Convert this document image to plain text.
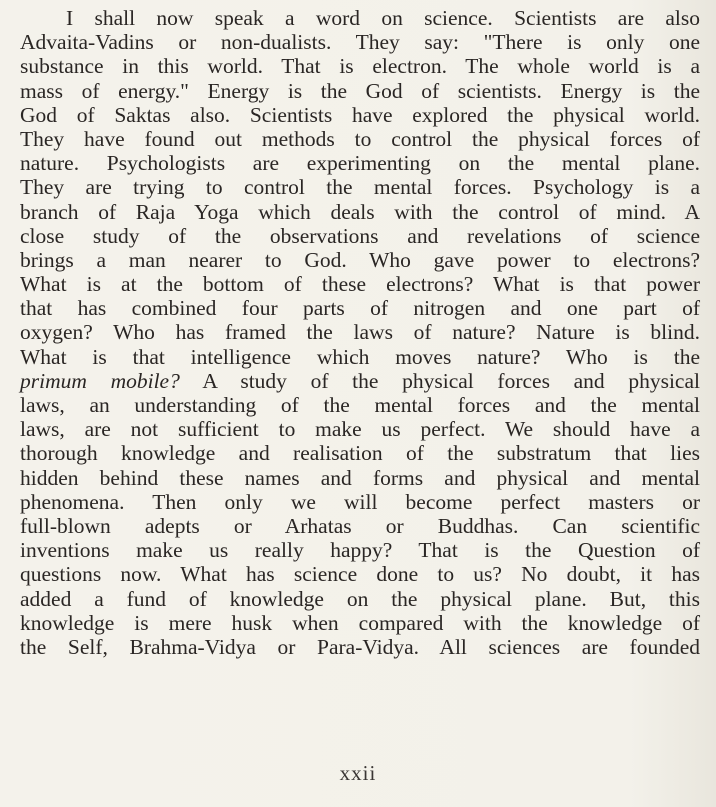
I shall now speak a word on science. Scientists are also
Advaita-Vadins or non-dualists. They say: "There is only one
substance in this world. That is electron. The whole world is a
mass of energy." Energy is the God of scientists. Energy is the
God of Saktas also. Scientists have explored the physical world.
They have found out methods to control the physical forces of
nature. Psychologists are experimenting on the mental plane.
They are trying to control the mental forces. Psychology is a
branch of Raja Yoga which deals with the control of mind. A
close study of the observations and revelations of science
brings a man nearer to God. Who gave power to electrons?
What is at the bottom of these electrons? What is that power
that has combined four parts of nitrogen and one part of
oxygen? Who has framed the laws of nature? Nature is blind.
What is that intelligence which moves nature? Who is the
primum mobile? A study of the physical forces and physical
laws, an understanding of the mental forces and the mental
laws, are not sufficient to make us perfect. We should have a
thorough knowledge and realisation of the substratum that lies
hidden behind these names and forms and physical and mental
phenomena. Then only we will become perfect masters or
full-blown adepts or Arhatas or Buddhas. Can scientific
inventions make us really happy? That is the Question of
questions now. What has science done to us? No doubt, it has
added a fund of knowledge on the physical plane. But, this
knowledge is mere husk when compared with the knowledge of
the Self, Brahma-Vidya or Para-Vidya. All sciences are founded
xxii
